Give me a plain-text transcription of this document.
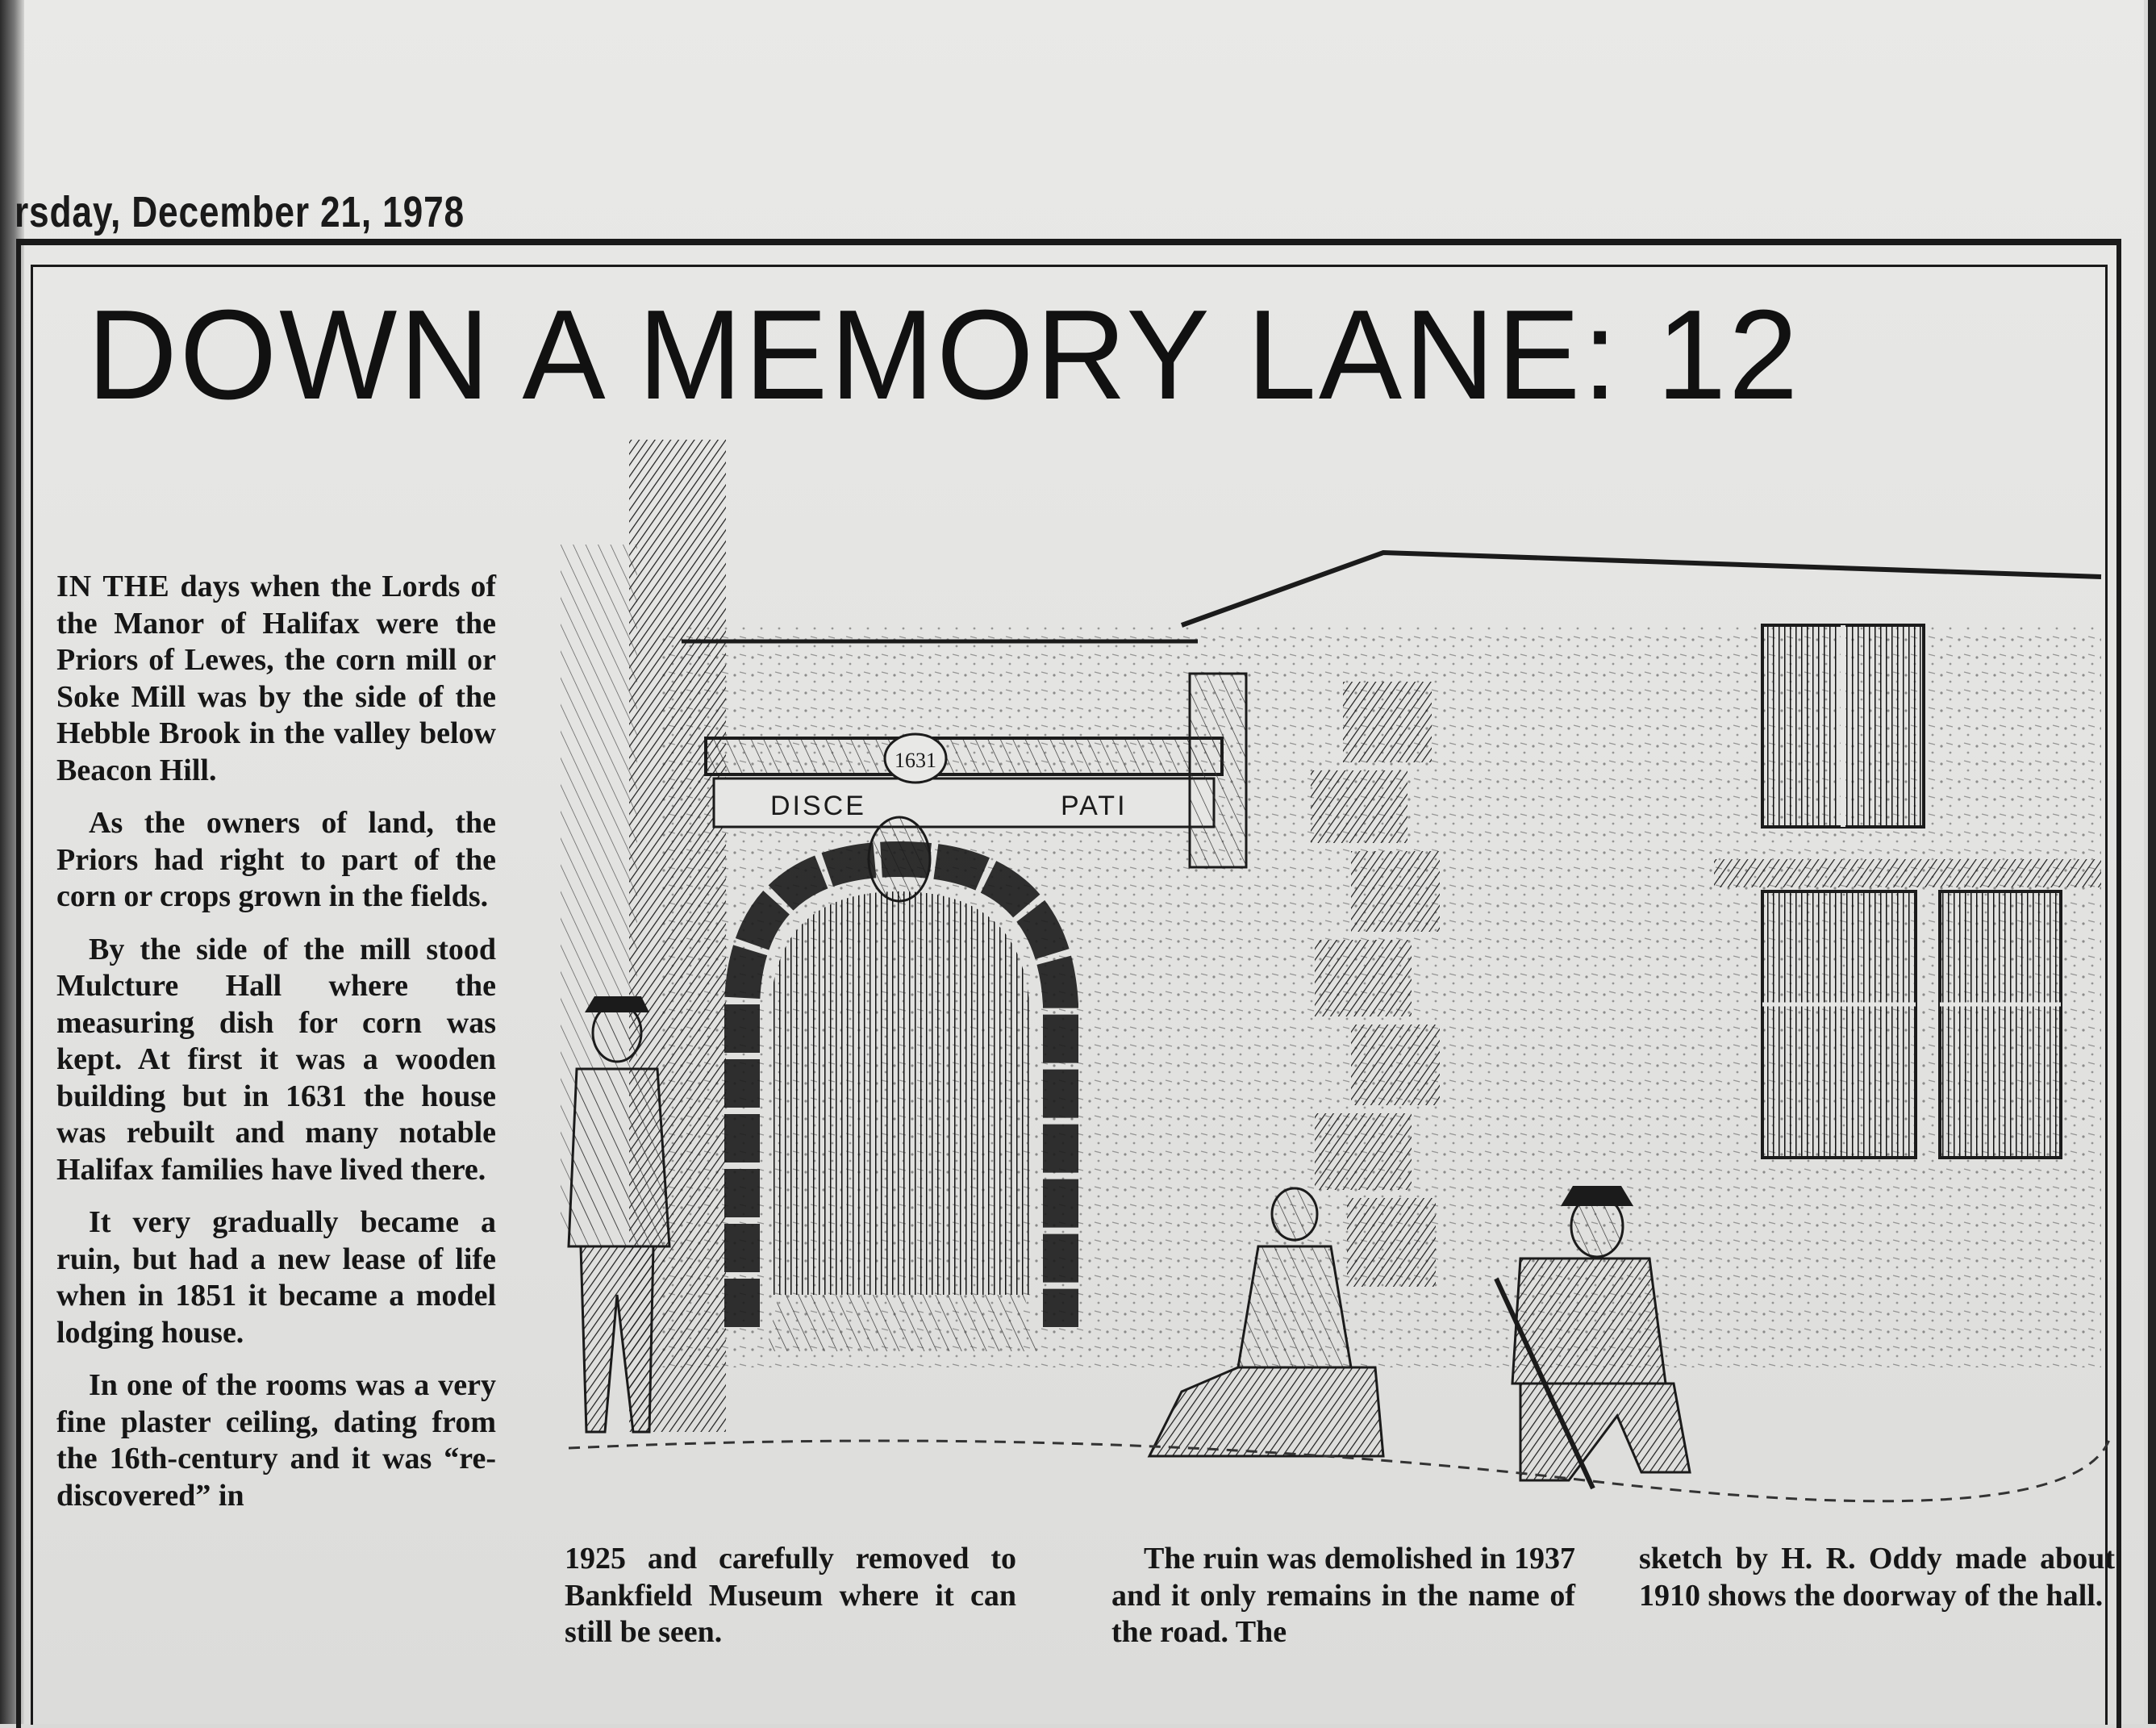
rsday, December 21, 1978
DOWN A MEMORY LANE: 12

IN THE days when the Lords of the Manor of Halifax were the Priors of Lewes, the corn mill or Soke Mill was by the side of the Hebble Brook in the valley below Beacon Hill.

As the owners of land, the Priors had right to part of the corn or crops grown in the fields.

By the side of the mill stood Mulcture Hall where the measuring dish for corn was kept. At first it was a wooden building but in 1631 the house was rebuilt and many notable Halifax families have lived there.

It very gradually became a ruin, but had a new lease of life when in 1851 it became a model lodging house.

In one of the rooms was a very fine plaster ceiling, dating from the 16th-century and it was “re-discovered” in

1925 and carefully removed to Bankfield Museum where it can still be seen.

The ruin was demolished in 1937 and it only remains in the name of the road. The

sketch by H. R. Oddy made about 1910 shows the doorway of the hall.

1631
DISCE	PATI
